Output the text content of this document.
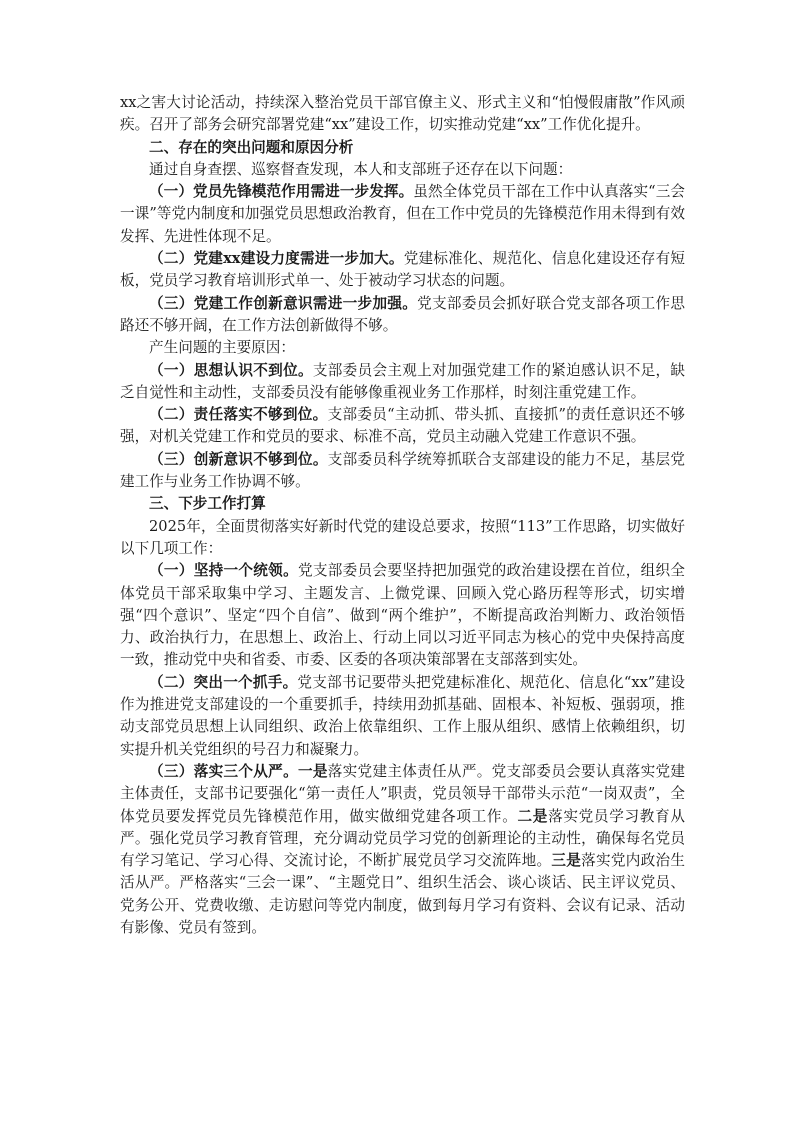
xx之害大讨论活动，持续深入整治党员干部官僚主义、形式主义和“怕慢假庸散”作风顽疾。召开了部务会研究部署党建“xx”建设工作，切实推动党建“xx”工作优化提升。

二、存在的突出问题和原因分析

通过自身查摆、巡察督查发现，本人和支部班子还存在以下问题：

（一）党员先锋模范作用需进一步发挥。虽然全体党员干部在工作中认真落实“三会一课”等党内制度和加强党员思想政治教育，但在工作中党员的先锋模范作用未得到有效发挥、先进性体现不足。

（二）党建xx建设力度需进一步加大。党建标准化、规范化、信息化建设还存有短板，党员学习教育培训形式单一、处于被动学习状态的问题。

（三）党建工作创新意识需进一步加强。党支部委员会抓好联合党支部各项工作思路还不够开阔，在工作方法创新做得不够。

产生问题的主要原因：

（一）思想认识不到位。支部委员会主观上对加强党建工作的紧迫感认识不足，缺乏自觉性和主动性，支部委员没有能够像重视业务工作那样，时刻注重党建工作。

（二）责任落实不够到位。支部委员“主动抓、带头抓、直接抓”的责任意识还不够强，对机关党建工作和党员的要求、标准不高，党员主动融入党建工作意识不强。

（三）创新意识不够到位。支部委员科学统筹抓联合支部建设的能力不足，基层党建工作与业务工作协调不够。

三、下步工作打算

2025年，全面贯彻落实好新时代党的建设总要求，按照“113”工作思路，切实做好以下几项工作：

（一）坚持一个统领。党支部委员会要坚持把加强党的政治建设摆在首位，组织全体党员干部采取集中学习、主题发言、上微党课、回顾入党心路历程等形式，切实增强“四个意识”、坚定“四个自信”、做到“两个维护”，不断提高政治判断力、政治领悟力、政治执行力，在思想上、政治上、行动上同以习近平同志为核心的党中央保持高度一致，推动党中央和省委、市委、区委的各项决策部署在支部落到实处。

（二）突出一个抓手。党支部书记要带头把党建标准化、规范化、信息化“xx”建设作为推进党支部建设的一个重要抓手，持续用劲抓基础、固根本、补短板、强弱项，推动支部党员思想上认同组织、政治上依靠组织、工作上服从组织、感情上依赖组织，切实提升机关党组织的号召力和凝聚力。

（三）落实三个从严。一是落实党建主体责任从严。党支部委员会要认真落实党建主体责任，支部书记要强化“第一责任人”职责，党员领导干部带头示范“一岗双责”，全体党员要发挥党员先锋模范作用，做实做细党建各项工作。二是落实党员学习教育从严。强化党员学习教育管理，充分调动党员学习党的创新理论的主动性，确保每名党员有学习笔记、学习心得、交流讨论，不断扩展党员学习交流阵地。三是落实党内政治生活从严。严格落实“三会一课”、“主题党日”、组织生活会、谈心谈话、民主评议党员、党务公开、党费收缴、走访慰问等党内制度，做到每月学习有资料、会议有记录、活动有影像、党员有签到。
